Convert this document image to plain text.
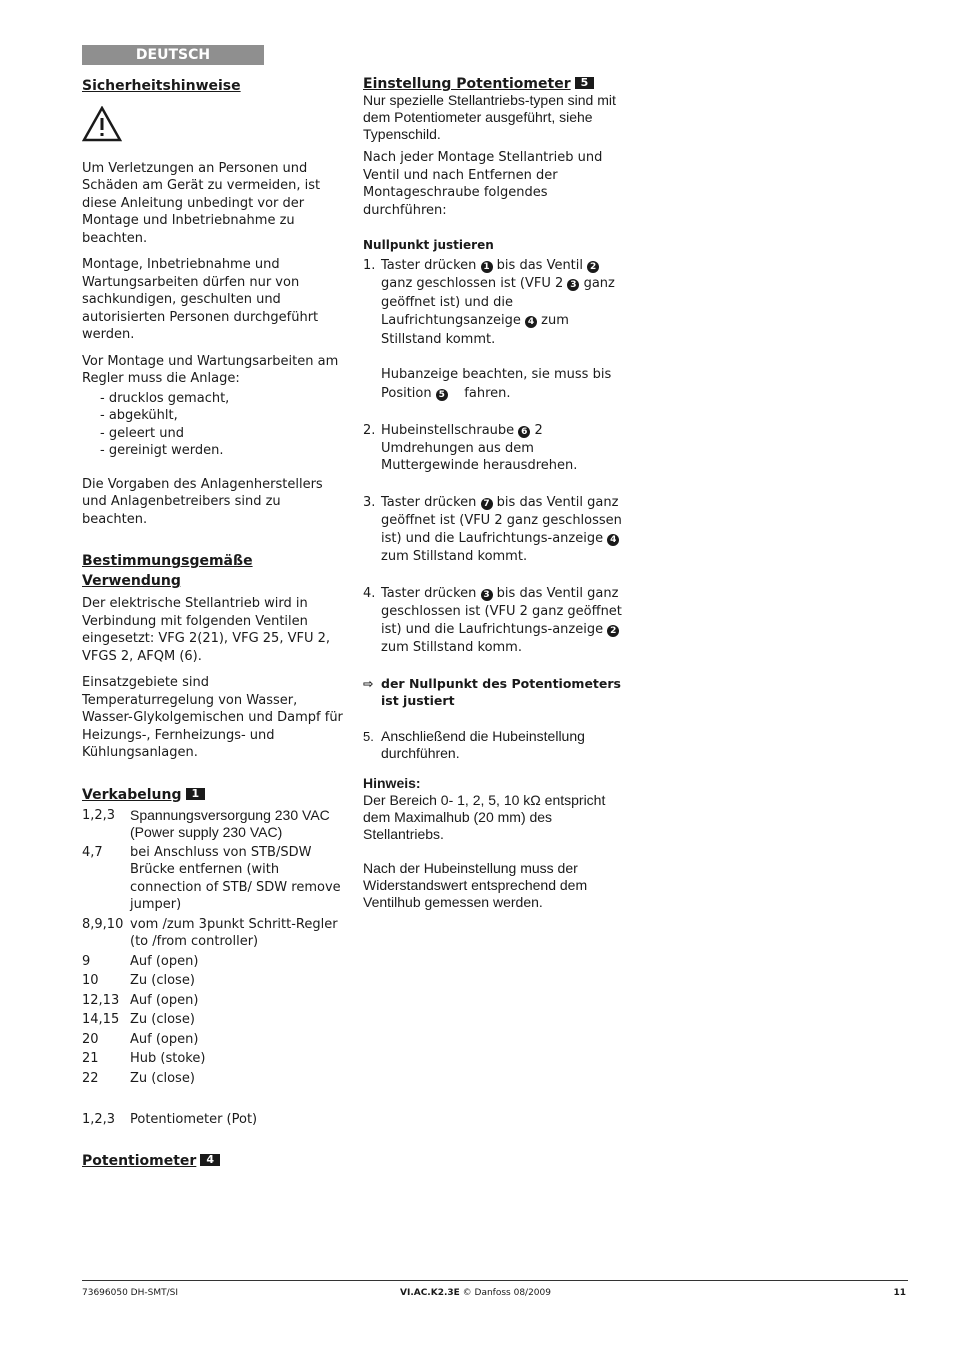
DEUTSCH
Sicherheitshinweise

Um Verletzungen an Personen und Schäden am Gerät zu vermeiden, ist diese Anleitung unbedingt vor der Montage und Inbetriebnahme zu beachten.

Montage, Inbetriebnahme und Wartungsarbeiten dürfen nur von sachkundigen, geschulten und autorisierten Personen durchgeführt werden.

Vor Montage und Wartungsarbeiten am Regler muss die Anlage:

- drucklos gemacht,
- abgekühlt,
- geleert und
- gereinigt werden.

Die Vorgaben des Anlagenherstellers und Anlagenbetreibers sind zu beachten.

Bestimmungsgemäße Verwendung

Der elektrische Stellantrieb wird in Verbindung mit folgenden Ventilen eingesetzt: VFG 2(21), VFG 25, VFU 2, VFGS 2, AFQM (6).

Einsatzgebiete sind Temperaturregelung von Wasser, Wasser-Glykolgemischen und Dampf für Heizungs-, Fernheizungs- und Kühlungsanlagen.

Verkabelung 1
1,2,3	Spannungsversorgung 230 VAC (Power supply 230 VAC)
4,7	bei Anschluss von STB/SDW Brücke entfernen (with connection of STB/ SDW remove jumper)
8,9,10 vom /zum 3punkt Schritt-Regler (to /from controller)
9	Auf (open)
10	Zu (close)
12,13 Auf (open)
14,15 Zu (close)
20	Auf (open)
21	Hub (stoke)
22	Zu (close)
1,2,3	Potentiometer (Pot)
Potentiometer 4
Einstellung Potentiometer 5

Nur spezielle Stellantriebs-typen sind mit dem Potentiometer ausgeführt, siehe Typenschild.

Nach jeder Montage Stellantrieb und Ventil und nach Entfernen der Montageschraube folgendes durchführen:

Nullpunkt justieren

1. Taster drücken 1 bis das Ventil 2ganz geschlossen ist (VFU 2 3 ganz geöffnet ist) und die Laufrichtungsanzeige 4 zum Stillstand kommt.
Hubanzeige beachten, sie muss bis Position 5 fahren.
2. Hubeinstellschraube 6 2 Umdrehungen aus dem Muttergewinde herausdrehen.
3. Taster drücken 7 bis das Ventil ganz geöffnet ist (VFU 2 ganz geschlossen ist) und die Laufrichtungs-anzeige 4 zum Stillstand kommt.
4. Taster drücken 3 bis das Ventil ganz geschlossen ist (VFU 2 ganz geöffnet ist) und die Laufrichtungs-anzeige 2 zum Stillstand komm.
⇨ der Nullpunkt des Potentiometers ist justiert
5. Anschließend die Hubeinstellung durchführen.

Hinweis:

Der Bereich 0- 1, 2, 5, 10 kΩ entspricht dem Maximalhub (20 mm) des Stellantriebs.

Nach der Hubeinstellung muss der Widerstandswert entsprechend dem Ventilhub gemessen werden.

73696050 DH-SMT/SI	VI.AC.K2.3E © Danfoss 08/2009	11
